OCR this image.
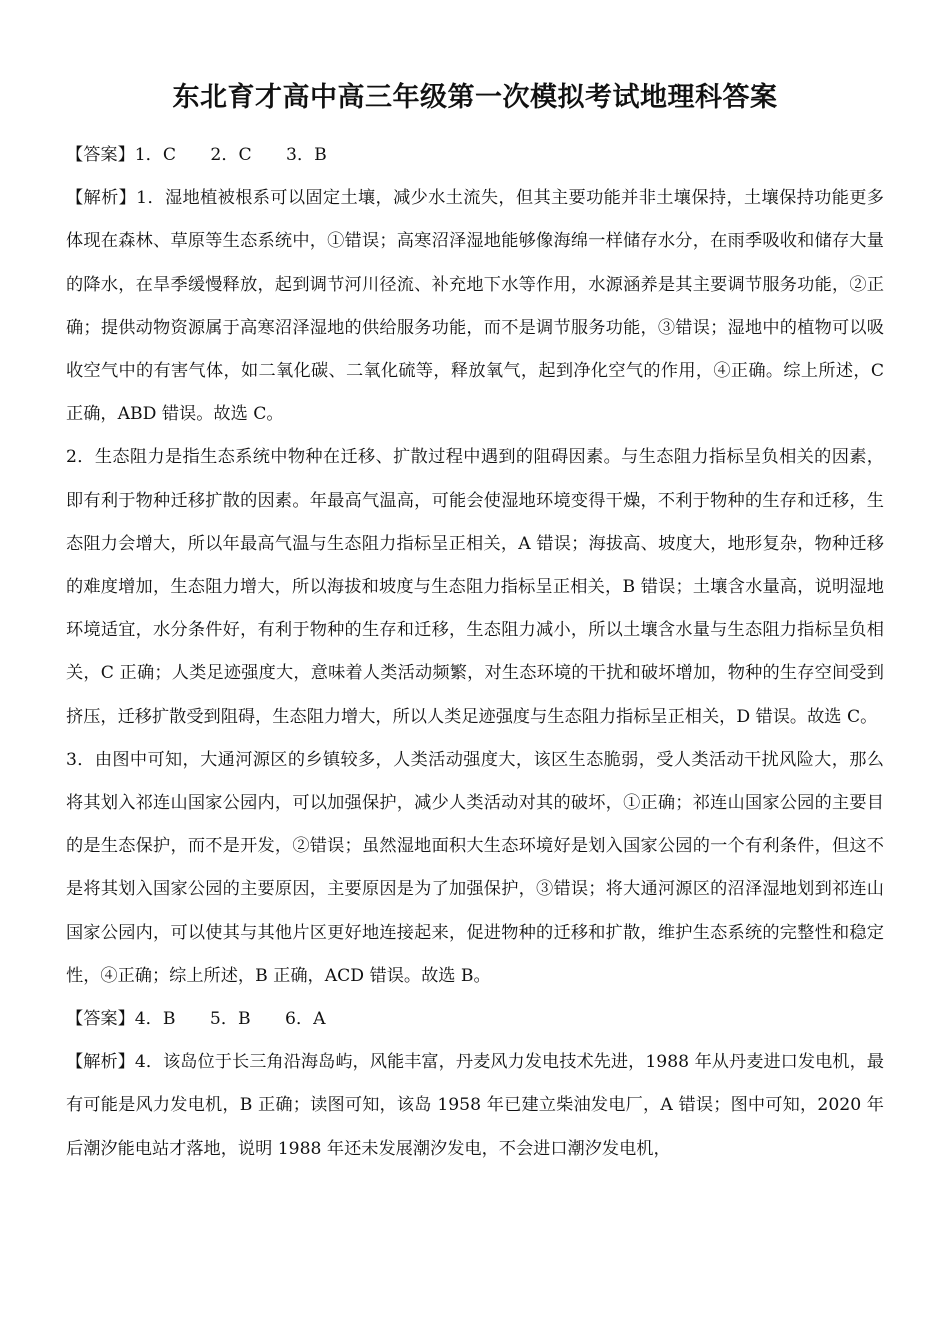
东北育才高中高三年级第一次模拟考试地理科答案

【答案】1．C　　2．C　　3．B

【解析】1．湿地植被根系可以固定土壤，减少水土流失，但其主要功能并非土壤保持，土壤保持功能更多体现在森林、草原等生态系统中，①错误；高寒沼泽湿地能够像海绵一样储存水分，在雨季吸收和储存大量的降水，在旱季缓慢释放，起到调节河川径流、补充地下水等作用，水源涵养是其主要调节服务功能，②正确；提供动物资源属于高寒沼泽湿地的供给服务功能，而不是调节服务功能，③错误；湿地中的植物可以吸收空气中的有害气体，如二氧化碳、二氧化硫等，释放氧气，起到净化空气的作用，④正确。综上所述，C 正确，ABD 错误。故选 C。

2．生态阻力是指生态系统中物种在迁移、扩散过程中遇到的阻碍因素。与生态阻力指标呈负相关的因素，即有利于物种迁移扩散的因素。年最高气温高，可能会使湿地环境变得干燥，不利于物种的生存和迁移，生态阻力会增大，所以年最高气温与生态阻力指标呈正相关，A 错误；海拔高、坡度大，地形复杂，物种迁移的难度增加，生态阻力增大，所以海拔和坡度与生态阻力指标呈正相关，B 错误；土壤含水量高，说明湿地环境适宜，水分条件好，有利于物种的生存和迁移，生态阻力减小，所以土壤含水量与生态阻力指标呈负相关，C 正确；人类足迹强度大，意味着人类活动频繁，对生态环境的干扰和破坏增加，物种的生存空间受到挤压，迁移扩散受到阻碍，生态阻力增大，所以人类足迹强度与生态阻力指标呈正相关，D 错误。故选 C。

3．由图中可知，大通河源区的乡镇较多，人类活动强度大，该区生态脆弱，受人类活动干扰风险大，那么将其划入祁连山国家公园内，可以加强保护，减少人类活动对其的破坏，①正确；祁连山国家公园的主要目的是生态保护，而不是开发，②错误；虽然湿地面积大生态环境好是划入国家公园的一个有利条件，但这不是将其划入国家公园的主要原因，主要原因是为了加强保护，③错误；将大通河源区的沼泽湿地划到祁连山国家公园内，可以使其与其他片区更好地连接起来，促进物种的迁移和扩散，维护生态系统的完整性和稳定性，④正确；综上所述，B 正确，ACD 错误。故选 B。

【答案】4．B　　5．B　　6．A

【解析】4．该岛位于长三角沿海岛屿，风能丰富，丹麦风力发电技术先进，1988 年从丹麦进口发电机，最有可能是风力发电机，B 正确；读图可知，该岛 1958 年已建立柴油发电厂，A 错误；图中可知，2020 年后潮汐能电站才落地，说明 1988 年还未发展潮汐发电，不会进口潮汐发电机，
